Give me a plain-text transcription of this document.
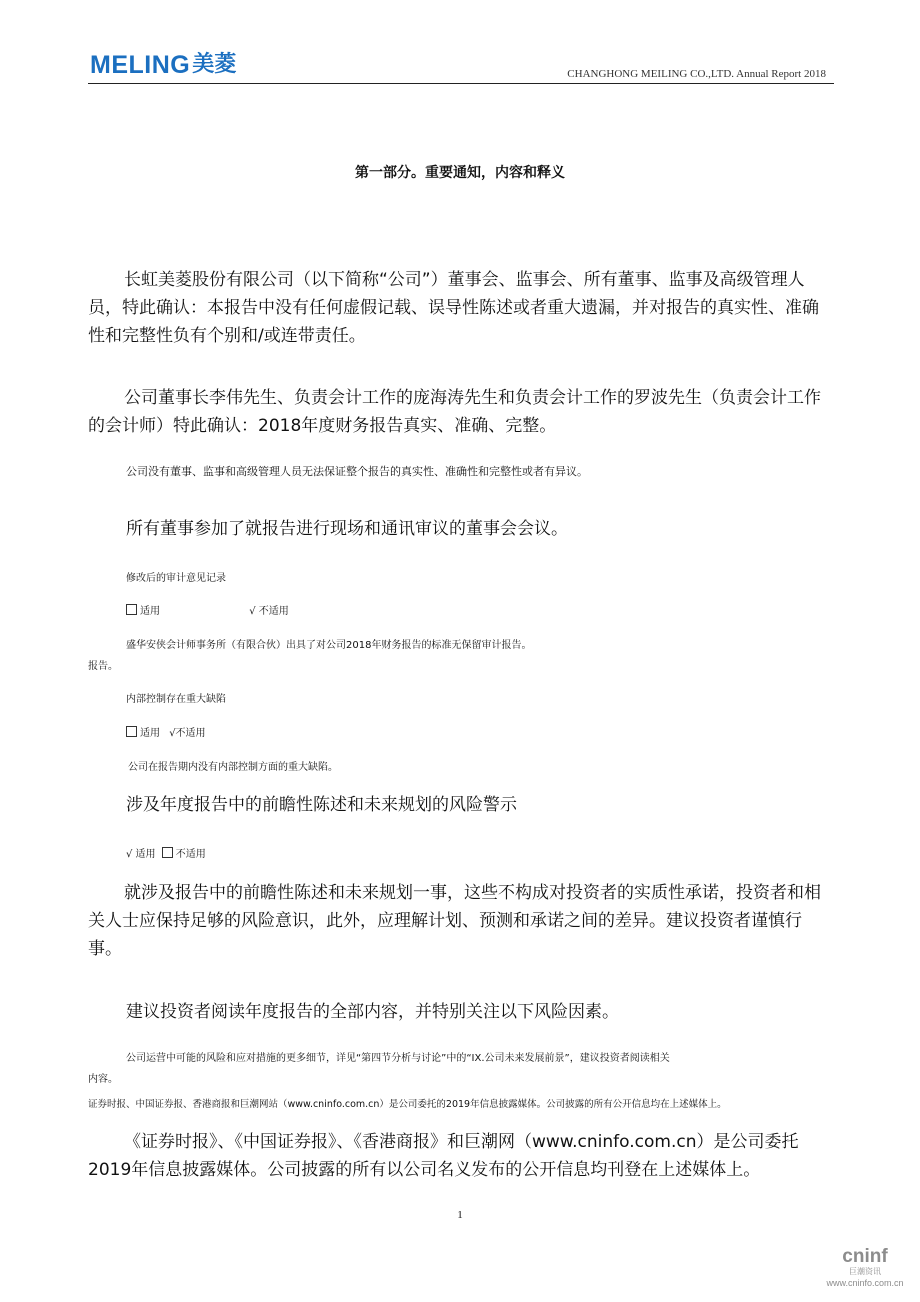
MELING 美菱	CHANGHONG MEILING CO.,LTD. Annual Report 2018
第一部分。重要通知，内容和释义

长虹美菱股份有限公司（以下简称“公司”）董事会、监事会、所有董事、监事及高级管理人员，特此确认：本报告中没有任何虚假记载、误导性陈述或者重大遗漏，并对报告的真实性、准确性和完整性负有个别和/或连带责任。

公司董事长李伟先生、负责会计工作的庞海涛先生和负责会计工作的罗波先生（负责会计工作的会计师）特此确认：2018年度财务报告真实、准确、完整。

公司没有董事、监事和高级管理人员无法保证整个报告的真实性、准确性和完整性或者有异议。

所有董事参加了就报告进行现场和通讯审议的董事会会议。

修改后的审计意见记录

适用	√ 不适用

盛华安侠会计师事务所（有限合伙）出具了对公司2018年财务报告的标准无保留审计报告。

报告。

内部控制存在重大缺陷

适用 √不适用

公司在报告期内没有内部控制方面的重大缺陷。

涉及年度报告中的前瞻性陈述和未来规划的风险警示

√ 适用 不适用

就涉及报告中的前瞻性陈述和未来规划一事，这些不构成对投资者的实质性承诺，投资者和相关人士应保持足够的风险意识，此外，应理解计划、预测和承诺之间的差异。建议投资者谨慎行事。

建议投资者阅读年度报告的全部内容，并特别关注以下风险因素。

公司运营中可能的风险和应对措施的更多细节，详见“第四节分析与讨论”中的“IX.公司未来发展前景”，建议投资者阅读相关

内容。

证券时报、中国证券报、香港商报和巨潮网站（www.cninfo.com.cn）是公司委托的2019年信息披露媒体。公司披露的所有公开信息均在上述媒体上。

《证券时报》、《中国证券报》、《香港商报》和巨潮网（www.cninfo.com.cn）是公司委托2019年信息披露媒体。公司披露的所有以公司名义发布的公开信息均刊登在上述媒体上。

1
cninf
巨潮资讯
www.cninfo.com.cn
